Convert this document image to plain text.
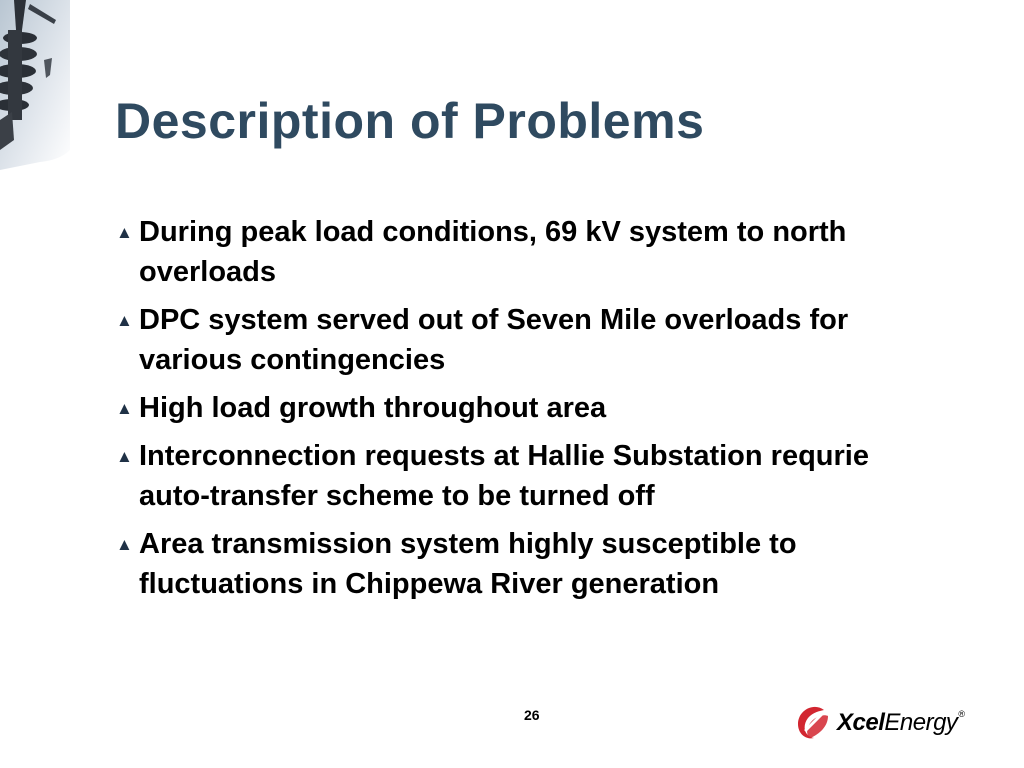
Description of Problems
▲ During peak load conditions, 69 kV system to north overloads
▲ DPC system served out of Seven Mile overloads for various contingencies
▲ High load growth throughout area
▲ Interconnection requests at Hallie Substation requrie auto-transfer scheme to be turned off
▲ Area transmission system highly susceptible to fluctuations in Chippewa River generation
26	XcelEnergy®
